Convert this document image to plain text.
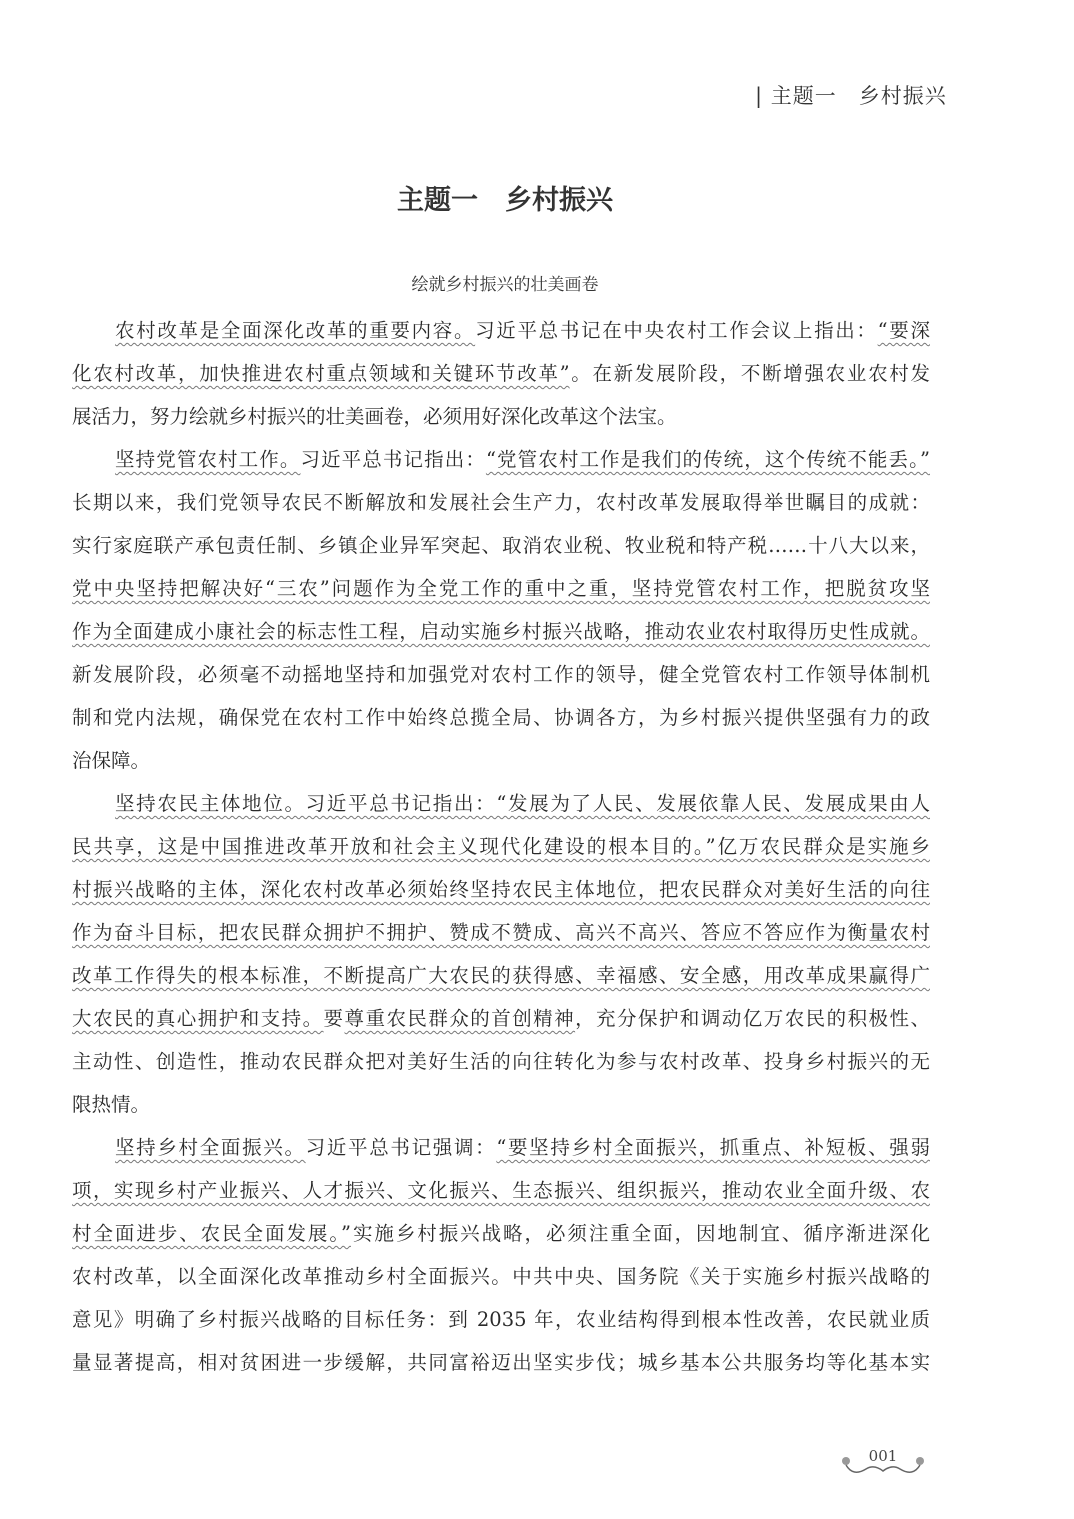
| 主题一　乡村振兴
主题一　乡村振兴
绘就乡村振兴的壮美画卷
农村改革是全面深化改革的重要内容。习近平总书记在中央农村工作会议上指出：“要深
化农村改革，加快推进农村重点领域和关键环节改革”。在新发展阶段，不断增强农业农村发
展活力，努力绘就乡村振兴的壮美画卷，必须用好深化改革这个法宝。
坚持党管农村工作。习近平总书记指出：“党管农村工作是我们的传统，这个传统不能丢。”
长期以来，我们党领导农民不断解放和发展社会生产力，农村改革发展取得举世瞩目的成就：
实行家庭联产承包责任制、乡镇企业异军突起、取消农业税、牧业税和特产税……十八大以来，
党中央坚持把解决好“三农”问题作为全党工作的重中之重，坚持党管农村工作，把脱贫攻坚
作为全面建成小康社会的标志性工程，启动实施乡村振兴战略，推动农业农村取得历史性成就。
新发展阶段，必须毫不动摇地坚持和加强党对农村工作的领导，健全党管农村工作领导体制机
制和党内法规，确保党在农村工作中始终总揽全局、协调各方，为乡村振兴提供坚强有力的政
治保障。
坚持农民主体地位。习近平总书记指出：“发展为了人民、发展依靠人民、发展成果由人
民共享，这是中国推进改革开放和社会主义现代化建设的根本目的。”亿万农民群众是实施乡
村振兴战略的主体，深化农村改革必须始终坚持农民主体地位，把农民群众对美好生活的向往
作为奋斗目标，把农民群众拥护不拥护、赞成不赞成、高兴不高兴、答应不答应作为衡量农村
改革工作得失的根本标准，不断提高广大农民的获得感、幸福感、安全感，用改革成果赢得广
大农民的真心拥护和支持。要尊重农民群众的首创精神，充分保护和调动亿万农民的积极性、
主动性、创造性，推动农民群众把对美好生活的向往转化为参与农村改革、投身乡村振兴的无
限热情。
坚持乡村全面振兴。习近平总书记强调：“要坚持乡村全面振兴，抓重点、补短板、强弱
项，实现乡村产业振兴、人才振兴、文化振兴、生态振兴、组织振兴，推动农业全面升级、农
村全面进步、农民全面发展。”实施乡村振兴战略，必须注重全面，因地制宜、循序渐进深化
农村改革，以全面深化改革推动乡村全面振兴。中共中央、国务院《关于实施乡村振兴战略的
意见》明确了乡村振兴战略的目标任务：到 2035 年，农业结构得到根本性改善，农民就业质
量显著提高，相对贫困进一步缓解，共同富裕迈出坚实步伐；城乡基本公共服务均等化基本实
001
